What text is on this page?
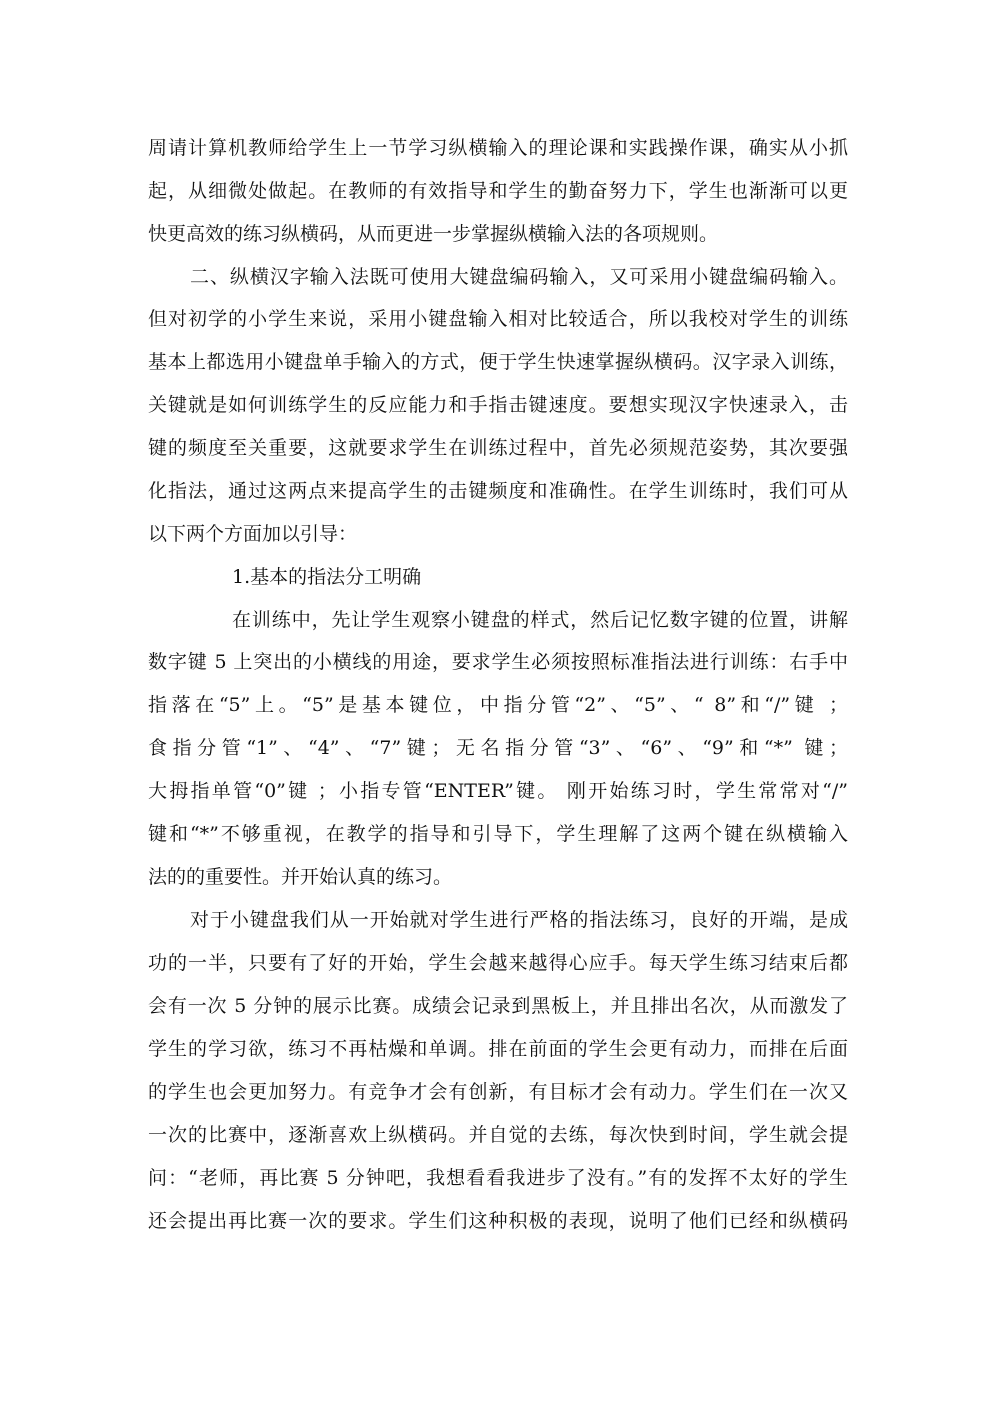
周请计算机教师给学生上一节学习纵横输入的理论课和实践操作课，确实从小抓
起，从细微处做起。在教师的有效指导和学生的勤奋努力下，学生也渐渐可以更
快更高效的练习纵横码，从而更进一步掌握纵横输入法的各项规则。
二、纵横汉字输入法既可使用大键盘编码输入，又可采用小键盘编码输入。
但对初学的小学生来说，采用小键盘输入相对比较适合，所以我校对学生的训练
基本上都选用小键盘单手输入的方式，便于学生快速掌握纵横码。汉字录入训练，
关键就是如何训练学生的反应能力和手指击键速度。要想实现汉字快速录入，击
键的频度至关重要，这就要求学生在训练过程中，首先必须规范姿势，其次要强
化指法，通过这两点来提高学生的击键频度和准确性。在学生训练时，我们可从
以下两个方面加以引导：
1.基本的指法分工明确
在训练中，先让学生观察小键盘的样式，然后记忆数字键的位置，讲解
数字键 5 上突出的小横线的用途，要求学生必须按照标准指法进行训练：右手中
指落在“5”上。“5”是基本键位，中指分管“2”、“5”、“ 8”和“/”键 ；
食指分管“1”、“4”、“7”键；无名指分管“3”、“6”、“9”和“*” 键；
大拇指单管“0”键 ；小指专管“ENTER”键。 刚开始练习时，学生常常对“/”
键和“*”不够重视，在教学的指导和引导下，学生理解了这两个键在纵横输入
法的的重要性。并开始认真的练习。
对于小键盘我们从一开始就对学生进行严格的指法练习，良好的开端，是成
功的一半，只要有了好的开始，学生会越来越得心应手。每天学生练习结束后都
会有一次 5 分钟的展示比赛。成绩会记录到黑板上，并且排出名次，从而激发了
学生的学习欲，练习不再枯燥和单调。排在前面的学生会更有动力，而排在后面
的学生也会更加努力。有竞争才会有创新，有目标才会有动力。学生们在一次又
一次的比赛中，逐渐喜欢上纵横码。并自觉的去练，每次快到时间，学生就会提
问：“老师，再比赛 5 分钟吧，我想看看我进步了没有。”有的发挥不太好的学生
还会提出再比赛一次的要求。学生们这种积极的表现，说明了他们已经和纵横码
